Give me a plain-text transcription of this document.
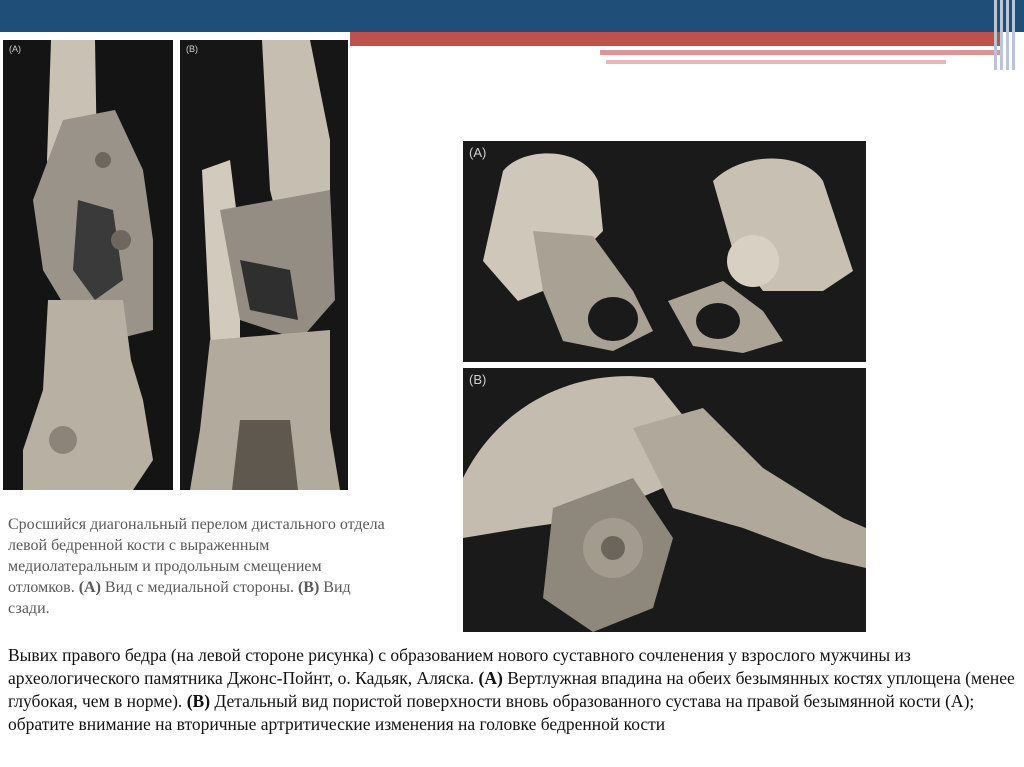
(A)	(B)
(A)
(B)
Сросшийся диагональный перелом дистального отдела левой бедренной кости с выраженным медиолатеральным и продольным смещением отломков. (A) Вид с медиальной стороны. (B) Вид сзади.
Вывих правого бедра (на левой стороне рисунка) с образованием нового суставного сочленения у взрослого мужчины из археологического памятника Джонс-Пойнт, о. Кадьяк, Аляска. (A) Вертлужная впадина на обеих безымянных костях уплощена (менее глубокая, чем в норме). (B) Детальный вид пористой поверхности вновь образованного сустава на правой безымянной кости (А); обратите внимание на вторичные артритические изменения на головке бедренной кости
